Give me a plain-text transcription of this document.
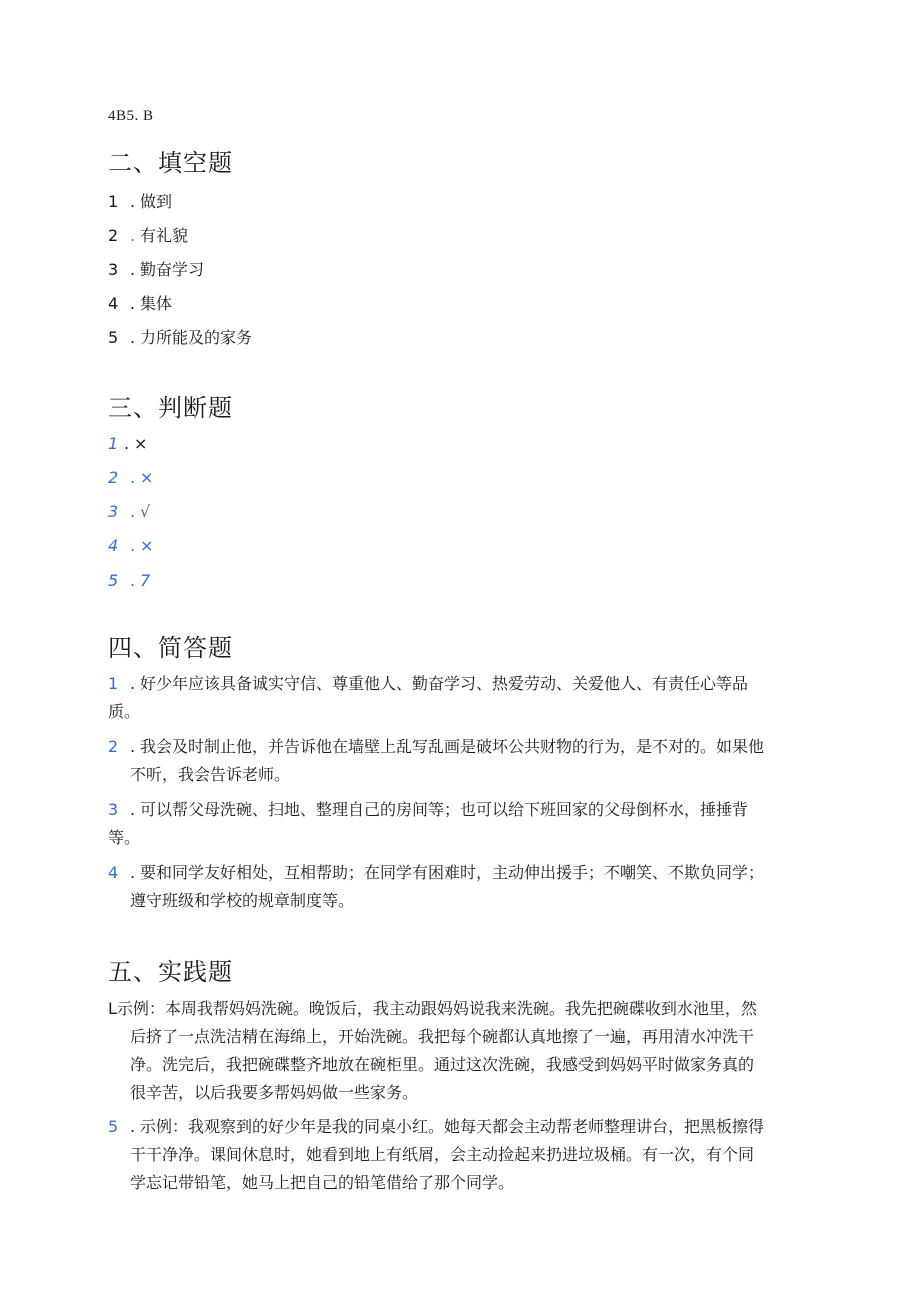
4B5. B
二、填空题
1 . 做到
2 . 有礼貌
3 . 勤奋学习
4 . 集体
5 . 力所能及的家务
三、判断题
1 . ×
2 . ×
3 . √
4 . ×
5 . 7
四、简答题
1 . 好少年应该具备诚实守信、尊重他人、勤奋学习、热爱劳动、关爱他人、有责任心等品
质。
2 . 我会及时制止他，并告诉他在墙壁上乱写乱画是破坏公共财物的行为，是不对的。如果他
不听，我会告诉老师。
3 . 可以帮父母洗碗、扫地、整理自己的房间等；也可以给下班回家的父母倒杯水，捶捶背
等。
4 . 要和同学友好相处，互相帮助；在同学有困难时，主动伸出援手；不嘲笑、不欺负同学；
遵守班级和学校的规章制度等。
五、实践题
L示例：本周我帮妈妈洗碗。晚饭后，我主动跟妈妈说我来洗碗。我先把碗碟收到水池里，然
后挤了一点洗洁精在海绵上，开始洗碗。我把每个碗都认真地擦了一遍，再用清水冲洗干
净。洗完后，我把碗碟整齐地放在碗柜里。通过这次洗碗，我感受到妈妈平时做家务真的
很辛苦，以后我要多帮妈妈做一些家务。
5 . 示例：我观察到的好少年是我的同桌小红。她每天都会主动帮老师整理讲台，把黑板擦得
干干净净。课间休息时，她看到地上有纸屑，会主动捡起来扔进垃圾桶。有一次，有个同
学忘记带铅笔，她马上把自己的铅笔借给了那个同学。
